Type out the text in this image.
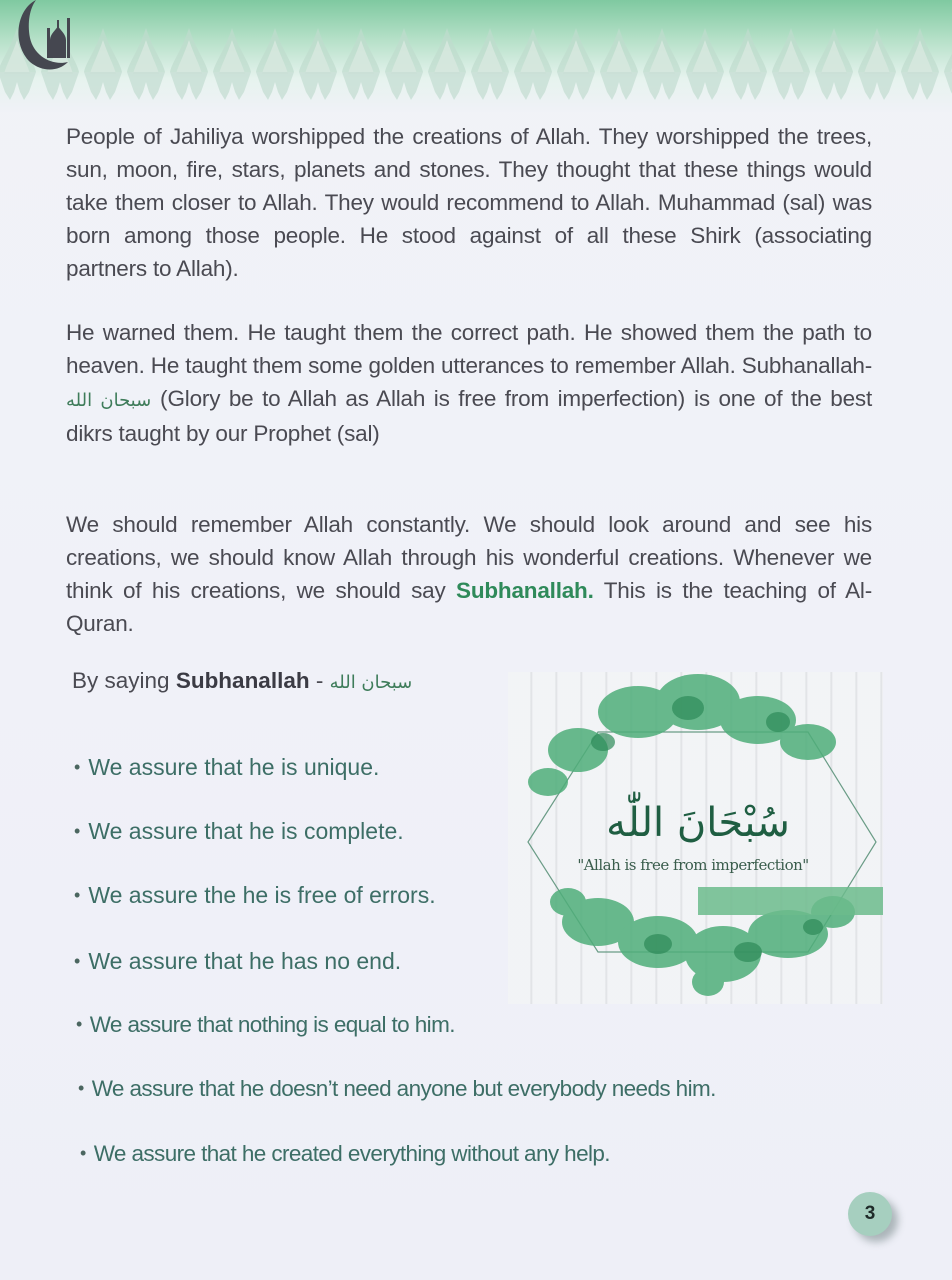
People of Jahiliya worshipped the creations of Allah. They worshipped the trees, sun, moon, fire, stars, planets and stones. They thought that these things would take them closer to Allah. They would recommend to Allah. Muhammad (sal) was born among those people. He stood against of all these Shirk (associating partners to Allah).
He warned them. He taught them the correct path. He showed them the path to heaven. He taught them some golden utterances to remember Allah. Subhanallah- سبحان الله (Glory be to Allah as Allah is free from imperfection) is one of the best dikrs taught by our Prophet (sal)
We should remember Allah constantly. We should look around and see his creations, we should know Allah through his wonderful creations. Whenever we think of his creations, we should say Subhanallah. This is the teaching of Al-Quran.
By saying Subhanallah - سبحان الله
سُبْحَانَ اللّٰه
"Allah is free from imperfection"
• We assure that he is unique.
• We assure that he is complete.
• We assure the he is free of errors.
• We assure that he has no end.
• We assure that nothing is equal to him.
• We assure that he doesn’t need anyone but everybody needs him.
• We assure that he created everything without any help.
3
